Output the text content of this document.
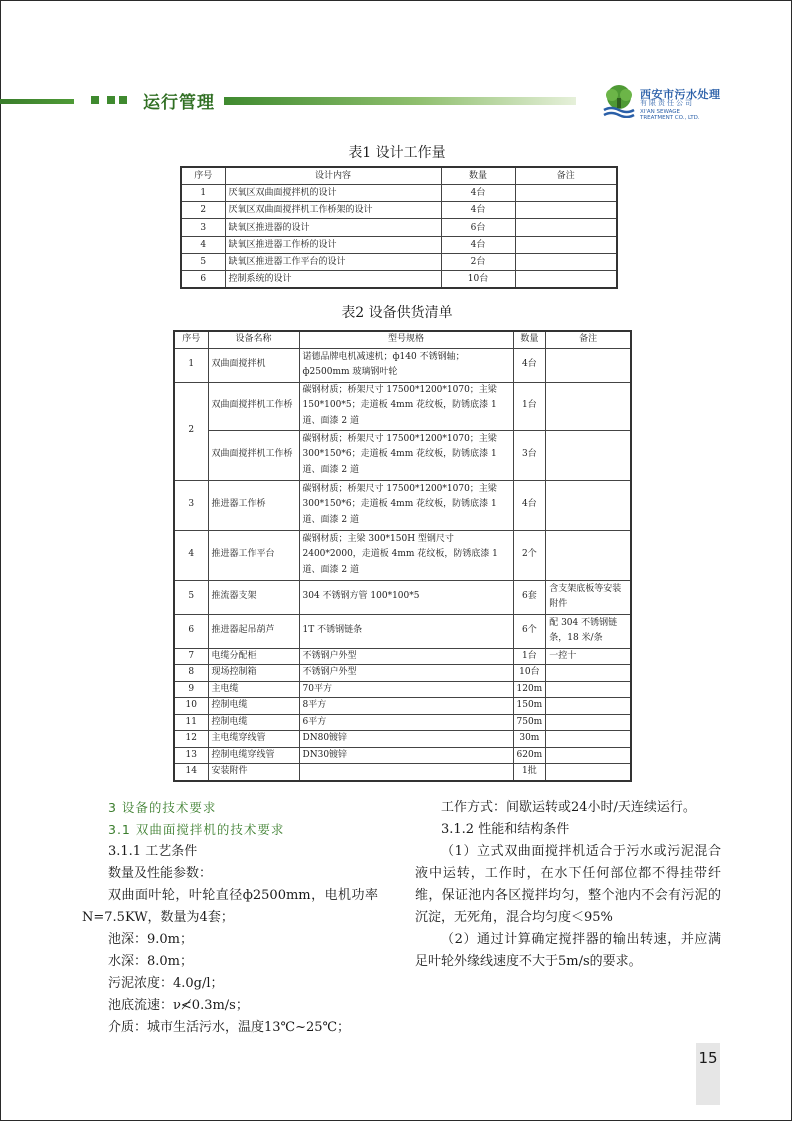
运行管理	西安市污水处理
有限责任公司
XI'AN SEWAGE
TREATMENT CO., LTD.
表1 设计工作量
序号	设计内容	数量	备注
1	厌氧区双曲面搅拌机的设计	4台	
2	厌氧区双曲面搅拌机工作桥架的设计	4台	
3	缺氧区推进器的设计	6台	
4	缺氧区推进器工作桥的设计	4台	
5	缺氧区推进器工作平台的设计	2台	
6	控制系统的设计	10台	
表2 设备供货清单
序号	设备名称	型号规格	数量	备注
1	双曲面搅拌机	诺德品牌电机减速机；ф140 不锈钢轴；ф2500mm 玻璃钢叶轮	4台	
2	双曲面搅拌机工作桥	碳钢材质；桥架尺寸 17500*1200*1070；主梁 150*100*5；走道板 4mm 花纹板，防锈底漆 1 道、面漆 2 道	1台	
	双曲面搅拌机工作桥	碳钢材质；桥架尺寸 17500*1200*1070；主梁 300*150*6；走道板 4mm 花纹板，防锈底漆 1 道、面漆 2 道	3台	
3	推进器工作桥	碳钢材质；桥架尺寸 17500*1200*1070；主梁 300*150*6；走道板 4mm 花纹板，防锈底漆 1 道、面漆 2 道	4台	
4	推进器工作平台	碳钢材质；主梁 300*150H 型钢尺寸 2400*2000，走道板 4mm 花纹板，防锈底漆 1 道、面漆 2 道	2个	
5	推流器支架	304 不锈钢方管 100*100*5	6套	含支架底板等安装附件
6	推进器起吊葫芦	1T 不锈钢链条	6个	配 304 不锈钢链条，18 米/条
7	电缆分配柜	不锈钢户外型	1台	一控十
8	现场控制箱	不锈钢户外型	10台	
9	主电缆	70平方	120m	
10	控制电缆	8平方	150m	
11	控制电缆	6平方	750m	
12	主电缆穿线管	DN80镀锌	30m	
13	控制电缆穿线管	DN30镀锌	620m	
14	安装附件		1批	

3 设备的技术要求

3.1 双曲面搅拌机的技术要求

3.1.1 工艺条件

数量及性能参数：

双曲面叶轮，叶轮直径ф2500mm，电机功率N=7.5KW，数量为4套；

池深：9.0m；

水深：8.0m；

污泥浓度：4.0g/l；

池底流速：ν≮0.3m/s；

介质：城市生活污水，温度13℃~25℃；

工作方式：间歇运转或24小时/天连续运行。

3.1.2 性能和结构条件

（1）立式双曲面搅拌机适合于污水或污泥混合液中运转，工作时，在水下任何部位都不得挂带纤维，保证池内各区搅拌均匀，整个池内不会有污泥的沉淀，无死角，混合均匀度＜95%

（2）通过计算确定搅拌器的输出转速，并应满足叶轮外缘线速度不大于5m/s的要求。

15
